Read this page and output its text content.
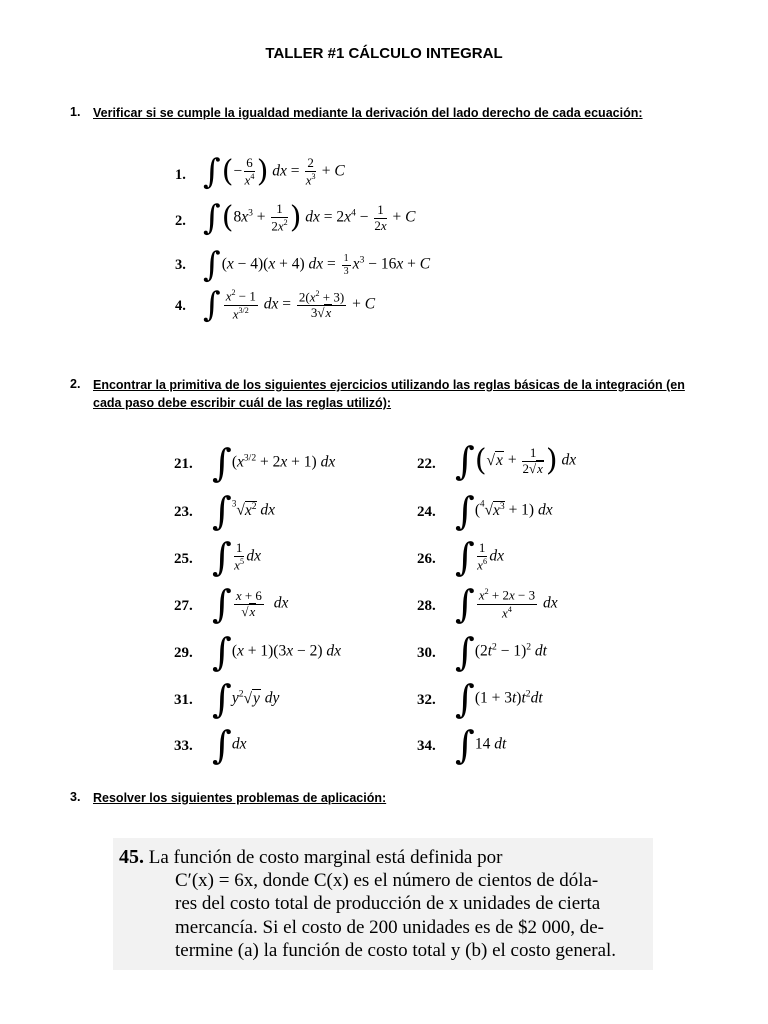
TALLER #1 CÁLCULO INTEGRAL
1. Verificar si se cumple la igualdad mediante la derivación del lado derecho de cada ecuación:
1. ∫(− $\frac{6}{x^4}$ ) dx = $\frac{2}{x^3} + C$
2. $\int(8x^3 + \frac{1}{2x^2}$ ) dx = $2x^4 - \frac{1}{2x} + C$
3. ∫(x − 4)(x + 4) dx = $\frac{1}{3} x^3 - 16x + C$
4. ∫ $\frac{x^2 - 1}{x^{3/2}}$ dx = $\frac{2(x^2 + 3)}{3√x} + C$
2. Encontrar la primitiva de los siguientes ejercicios utilizando las reglas básicas de la integración (en
cada paso debe escribir cuál de las reglas utilizó):
21. $\int(x^{3/2} + 2x + 1)$ dx
23. $\int^3√x^2$ dx
25. ∫ $\frac{1}{x^5}$ dx
27. ∫ $\frac{x + 6}{√x}$ dx
29. ∫(x + 1)(3x − 2) dx
31. $\int y^2√y$ dy
33. ∫dx
22. $\int(√x + \frac{1}{2√x}$ ) dx
24. $\int(^4√x^3 + 1)$ dx
26. ∫ $\frac{1}{x^6}$ dx
28. ∫ $\frac{x^2 + 2x - 3}{x^4}$ dx
30. $\int(2t^2 - 1)^2$ dt
32. $\int(1 + 3t)t^2dt$
34. ∫14 dt
3. Resolver los siguientes problemas de aplicación:
45. La función de costo marginal está definida por
C′(x) = 6x, donde C(x) es el número de cientos de dóla-
res del costo total de producción de x unidades de cierta
mercancía. Si el costo de 200 unidades es de $2 000, de-
termine (a) la función de costo total y (b) el costo general.
